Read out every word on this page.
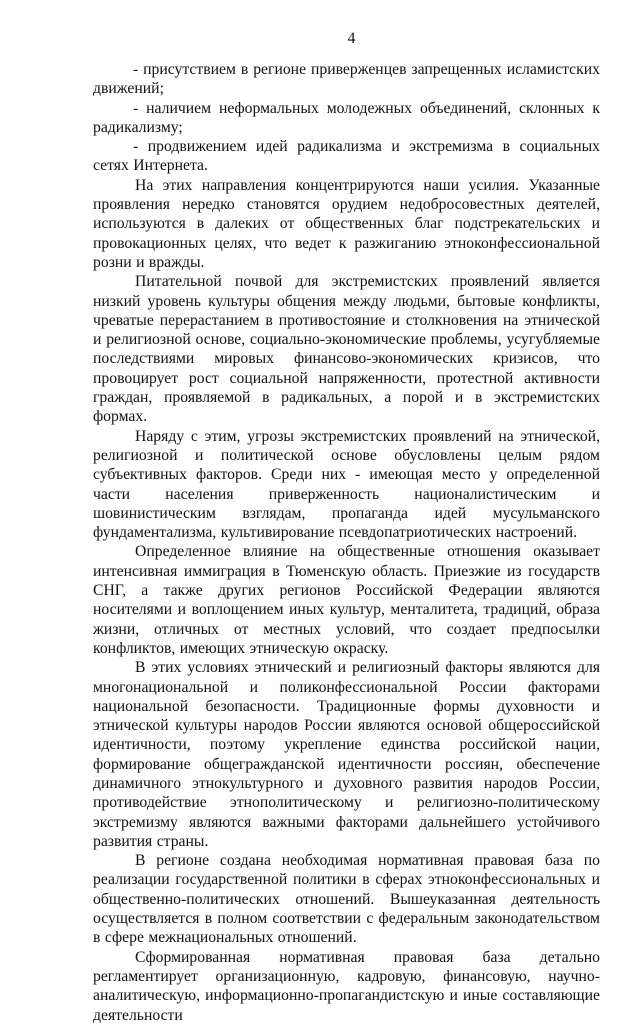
4

- присутствием в регионе приверженцев запрещенных исламистских движений;

- наличием неформальных молодежных объединений, склонных к радикализму;

- продвижением идей радикализма и экстремизма в социальных сетях Интернета.

На этих направления концентрируются наши усилия. Указанные проявления нередко становятся орудием недобросовестных деятелей, используются в далеких от общественных благ подстрекательских и провокационных целях, что ведет к разжиганию этноконфессиональной розни и вражды.

Питательной почвой для экстремистских проявлений является низкий уровень культуры общения между людьми, бытовые конфликты, чреватые перерастанием в противостояние и столкновения на этнической и религиозной основе, социально-экономические проблемы, усугубляемые последствиями мировых финансово-экономических кризисов, что провоцирует рост социальной напряженности, протестной активности граждан, проявляемой в радикальных, а порой и в экстремистских формах.

Наряду с этим, угрозы экстремистских проявлений на этнической, религиозной и политической основе обусловлены целым рядом субъективных факторов. Среди них - имеющая место у определенной части населения приверженность националистическим и шовинистическим взглядам, пропаганда идей мусульманского фундаментализма, культивирование псевдопатриотических настроений.

Определенное влияние на общественные отношения оказывает интенсивная иммиграция в Тюменскую область. Приезжие из государств СНГ, а также других регионов Российской Федерации являются носителями и воплощением иных культур, менталитета, традиций, образа жизни, отличных от местных условий, что создает предпосылки конфликтов, имеющих этническую окраску.

В этих условиях этнический и религиозный факторы являются для многонациональной и поликонфессиональной России факторами национальной безопасности. Традиционные формы духовности и этнической культуры народов России являются основой общероссийской идентичности, поэтому укрепление единства российской нации, формирование общегражданской идентичности россиян, обеспечение динамичного этнокультурного и духовного развития народов России, противодействие этнополитическому и религиозно-политическому экстремизму являются важными факторами дальнейшего устойчивого развития страны.

В регионе создана необходимая нормативная правовая база по реализации государственной политики в сферах этноконфессиональных и общественно-политических отношений. Вышеуказанная деятельность осуществляется в полном соответствии с федеральным законодательством в сфере межнациональных отношений.

Сформированная нормативная правовая база детально регламентирует организационную, кадровую, финансовую, научно-аналитическую, информационно-пропагандистскую и иные составляющие деятельности
